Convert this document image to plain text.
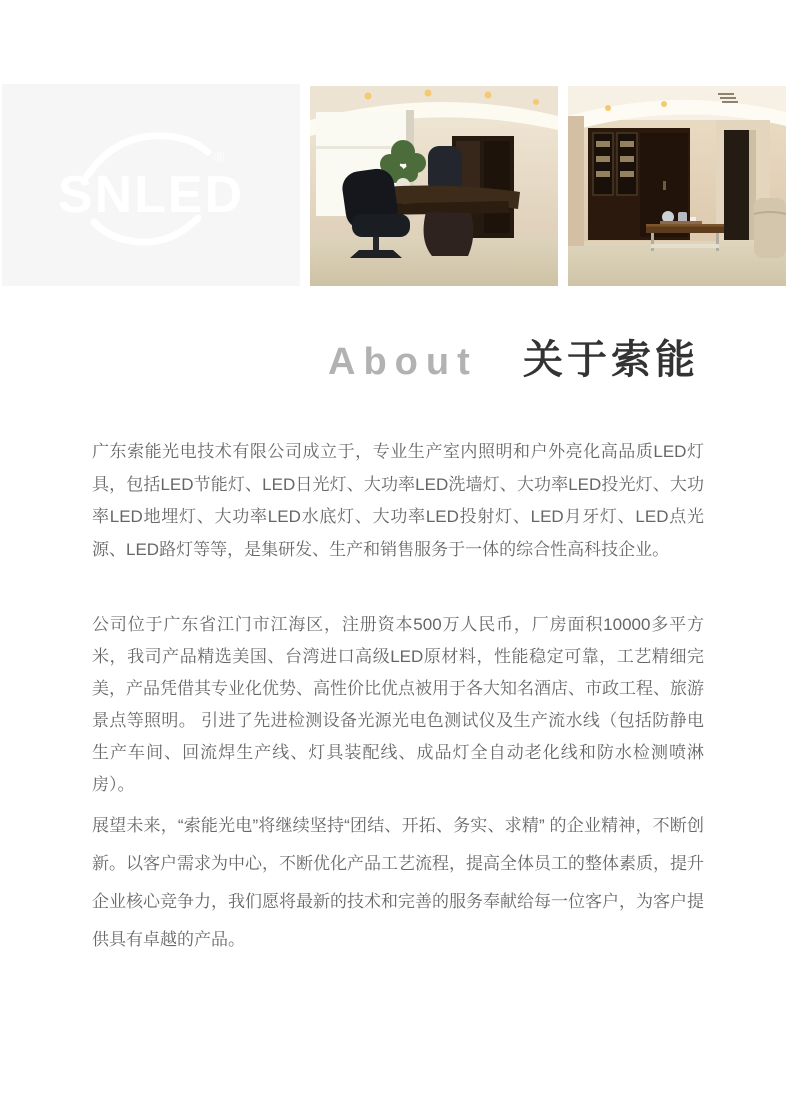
SNLED
®
About 关于索能

广东索能光电技术有限公司成立于，专业生产室内照明和户外亮化高品质LED灯具，包括LED节能灯、LED日光灯、大功率LED洗墙灯、大功率LED投光灯、大功率LED地埋灯、大功率LED水底灯、大功率LED投射灯、LED月牙灯、LED点光源、LED路灯等等，是集研发、生产和销售服务于一体的综合性高科技企业。

公司位于广东省江门市江海区，注册资本500万人民币，厂房面积10000多平方米，我司产品精选美国、台湾进口高级LED原材料，性能稳定可靠，工艺精细完美，产品凭借其专业化优势、高性价比优点被用于各大知名酒店、市政工程、旅游景点等照明。 引进了先进检测设备光源光电色测试仪及生产流水线（包括防静电生产车间、回流焊生产线、灯具装配线、成品灯全自动老化线和防水检测喷淋房）。

展望未来，“索能光电”将继续坚持“团结、开拓、务实、求精” 的企业精神，不断创新。以客户需求为中心，不断优化产品工艺流程，提高全体员工的整体素质，提升企业核心竞争力，我们愿将最新的技术和完善的服务奉献给每一位客户，为客户提供具有卓越的产品。
